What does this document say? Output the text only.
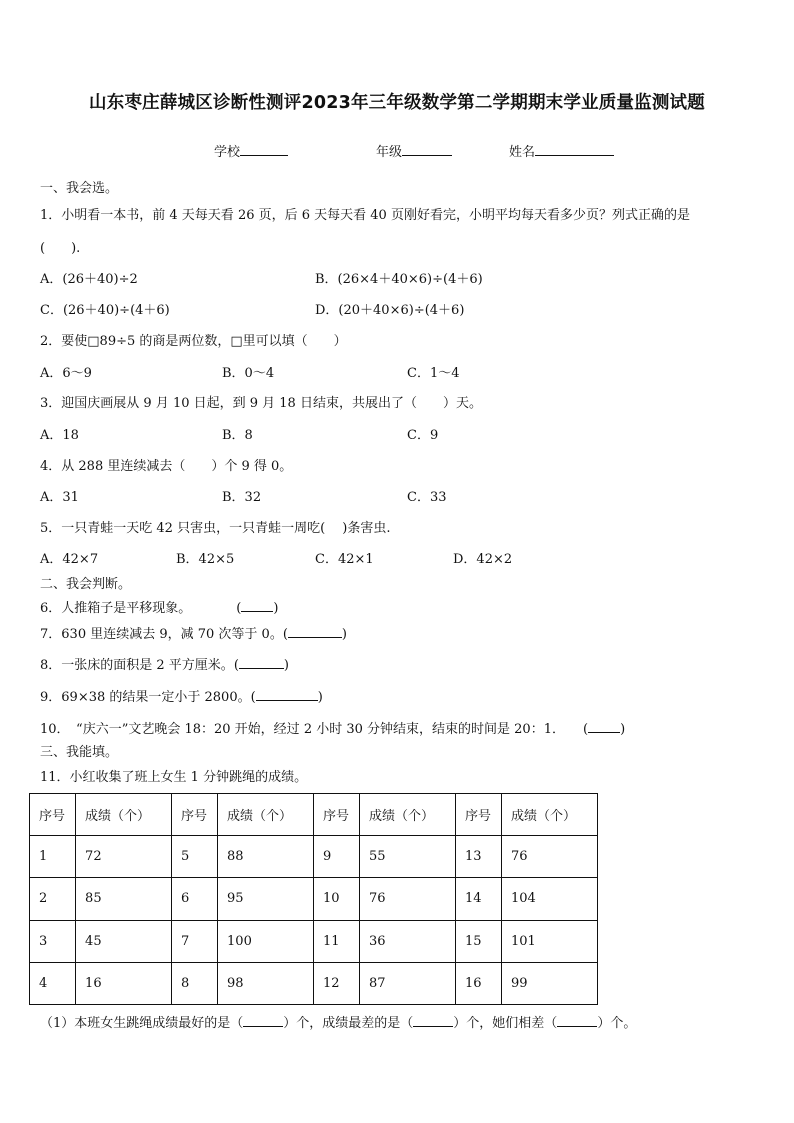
山东枣庄薛城区诊断性测评2023年三年级数学第二学期期末学业质量监测试题
学校	年级	姓名
一、我会选。
1．小明看一本书，前 4 天每天看 26 页，后 6 天每天看 40 页刚好看完，小明平均每天看多少页？列式正确的是
(　　).
A．(26＋40)÷2	B．(26×4＋40×6)÷(4＋6)
C．(26＋40)÷(4＋6)	D．(20＋40×6)÷(4＋6)
2．要使□89÷5 的商是两位数，□里可以填（　　）
A．6～9	B．0～4	C．1～4
3．迎国庆画展从 9 月 10 日起，到 9 月 18 日结束，共展出了（　　）天。
A．18	B．8	C．9
4．从 288 里连续减去（　　）个 9 得 0。
A．31	B．32	C．33
5．一只青蛙一天吃 42 只害虫，一只青蛙一周吃(　 )条害虫.
A．42×7	B．42×5	C．42×1	D．42×2
二、我会判断。
6．人推箱子是平移现象。	( )
7．630 里连续减去 9，减 70 次等于 0。(	)
8．一张床的面积是 2 平方厘米。(	)
9．69×38 的结果一定小于 2800。(	)
10．　“庆六一”文艺晚会 18：20 开始，经过 2 小时 30 分钟结束，结束的时间是 20：1． ( )
三、我能填。
11．小红收集了班上女生 1 分钟跳绳的成绩。
序号	成绩（个）	序号	成绩（个）	序号	成绩（个）	序号	成绩（个）
1	72	5	88	9	55	13	76
2	85	6	95	10	76	14	104
3	45	7	100	11	36	15	101
4	16	8	98	12	87	16	99
（1）本班女生跳绳成绩最好的是（	）个，成绩最差的是（	）个，她们相差（	）个。
